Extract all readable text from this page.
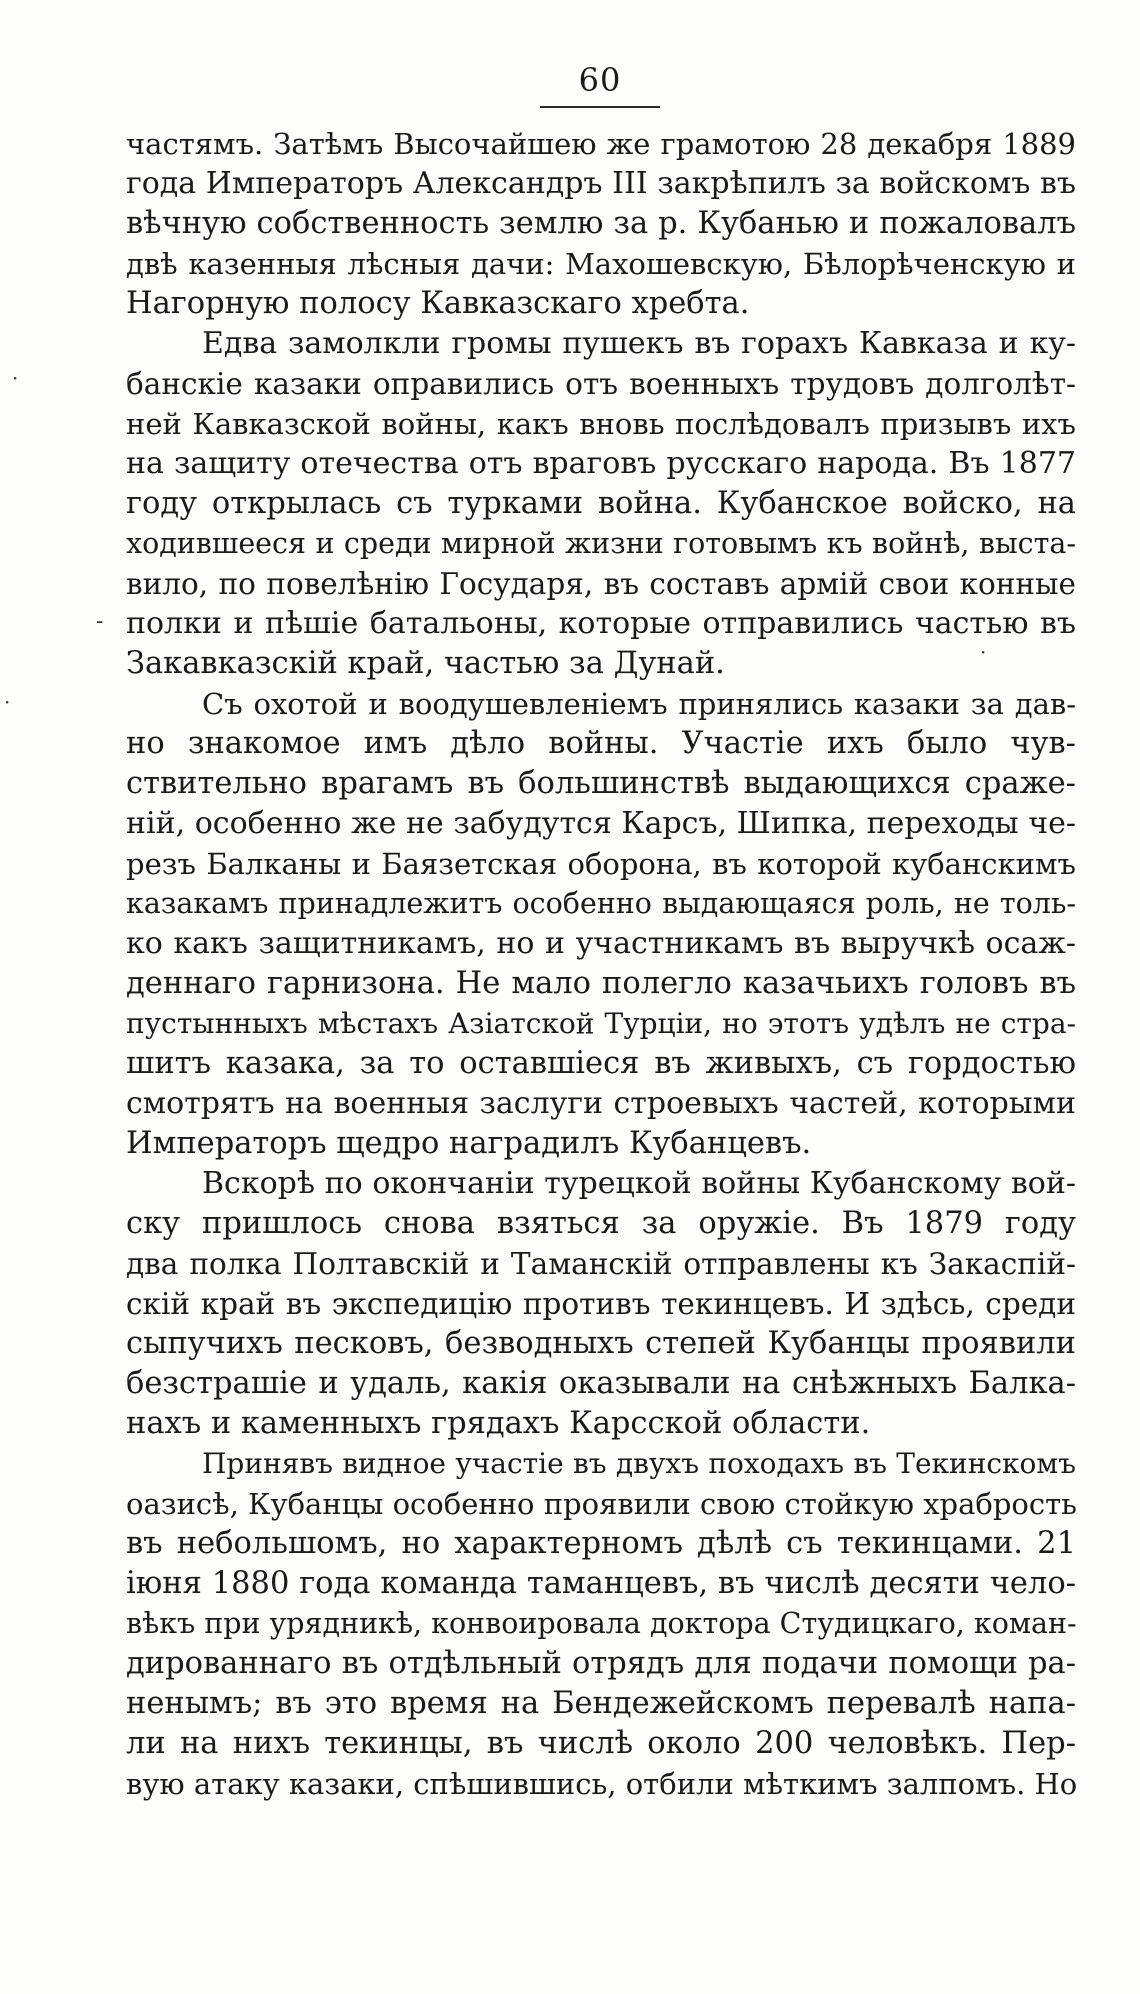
60
частямъ. Затѣмъ Высочайшею же грамотою 28 декабря 1889
года Императоръ Александръ III закрѣпилъ за войскомъ въ
вѣчную собственность землю за р. Кубанью и пожаловалъ
двѣ казенныя лѣсныя дачи: Махошевскую, Бѣлорѣченскую и
Нагорную полосу Кавказскаго хребта.
Едва замолкли громы пушекъ въ горахъ Кавказа и ку-
банскіе казаки оправились отъ военныхъ трудовъ долголѣт-
ней Кавказской войны, какъ вновь послѣдовалъ призывъ ихъ
на защиту отечества отъ враговъ русскаго народа. Въ 1877
году открылась съ турками война. Кубанское войско, на
ходившееся и среди мирной жизни готовымъ къ войнѣ, выста-
вило, по повелѣнію Государя, въ составъ армій свои конные
полки и пѣшіе батальоны, которые отправились частью въ
Закавказскій край, частью за Дунай.
Съ охотой и воодушевленіемъ принялись казаки за дав-
но знакомое имъ дѣло войны. Участіе ихъ было чув-
ствительно врагамъ въ большинствѣ выдающихся сраже-
ній, особенно же не забудутся Карсъ, Шипка, переходы че-
резъ Балканы и Баязетская оборона, въ которой кубанскимъ
казакамъ принадлежитъ особенно выдающаяся роль, не толь-
ко какъ защитникамъ, но и участникамъ въ выручкѣ осаж-
деннаго гарнизона. Не мало полегло казачьихъ головъ въ
пустынныхъ мѣстахъ Азіатской Турціи, но этотъ удѣлъ не стра-
шитъ казака, за то оставшіеся въ живыхъ, съ гордостью
смотрятъ на военныя заслуги строевыхъ частей, которыми
Императоръ щедро наградилъ Кубанцевъ.
Вскорѣ по окончаніи турецкой войны Кубанскому вой-
ску пришлось снова взяться за оружіе. Въ 1879 году
два полка Полтавскій и Таманскій отправлены къ Закаспій-
скій край въ экспедицію противъ текинцевъ. И здѣсь, среди
сыпучихъ песковъ, безводныхъ степей Кубанцы проявили
безстрашіе и удаль, какія оказывали на снѣжныхъ Балка-
нахъ и каменныхъ грядахъ Карсской области.
Принявъ видное участіе въ двухъ походахъ въ Текинскомъ
оазисѣ, Кубанцы особенно проявили свою стойкую храбрость
въ небольшомъ, но характерномъ дѣлѣ съ текинцами. 21
іюня 1880 года команда таманцевъ, въ числѣ десяти чело-
вѣкъ при урядникѣ, конвоировала доктора Студицкаго, коман-
дированнаго въ отдѣльный отрядъ для подачи помощи ра-
ненымъ; въ это время на Бендежейскомъ перевалѣ напа-
ли на нихъ текинцы, въ числѣ около 200 человѣкъ. Пер-
вую атаку казаки, спѣшившись, отбили мѣткимъ залпомъ. Но
·
·
-
·
